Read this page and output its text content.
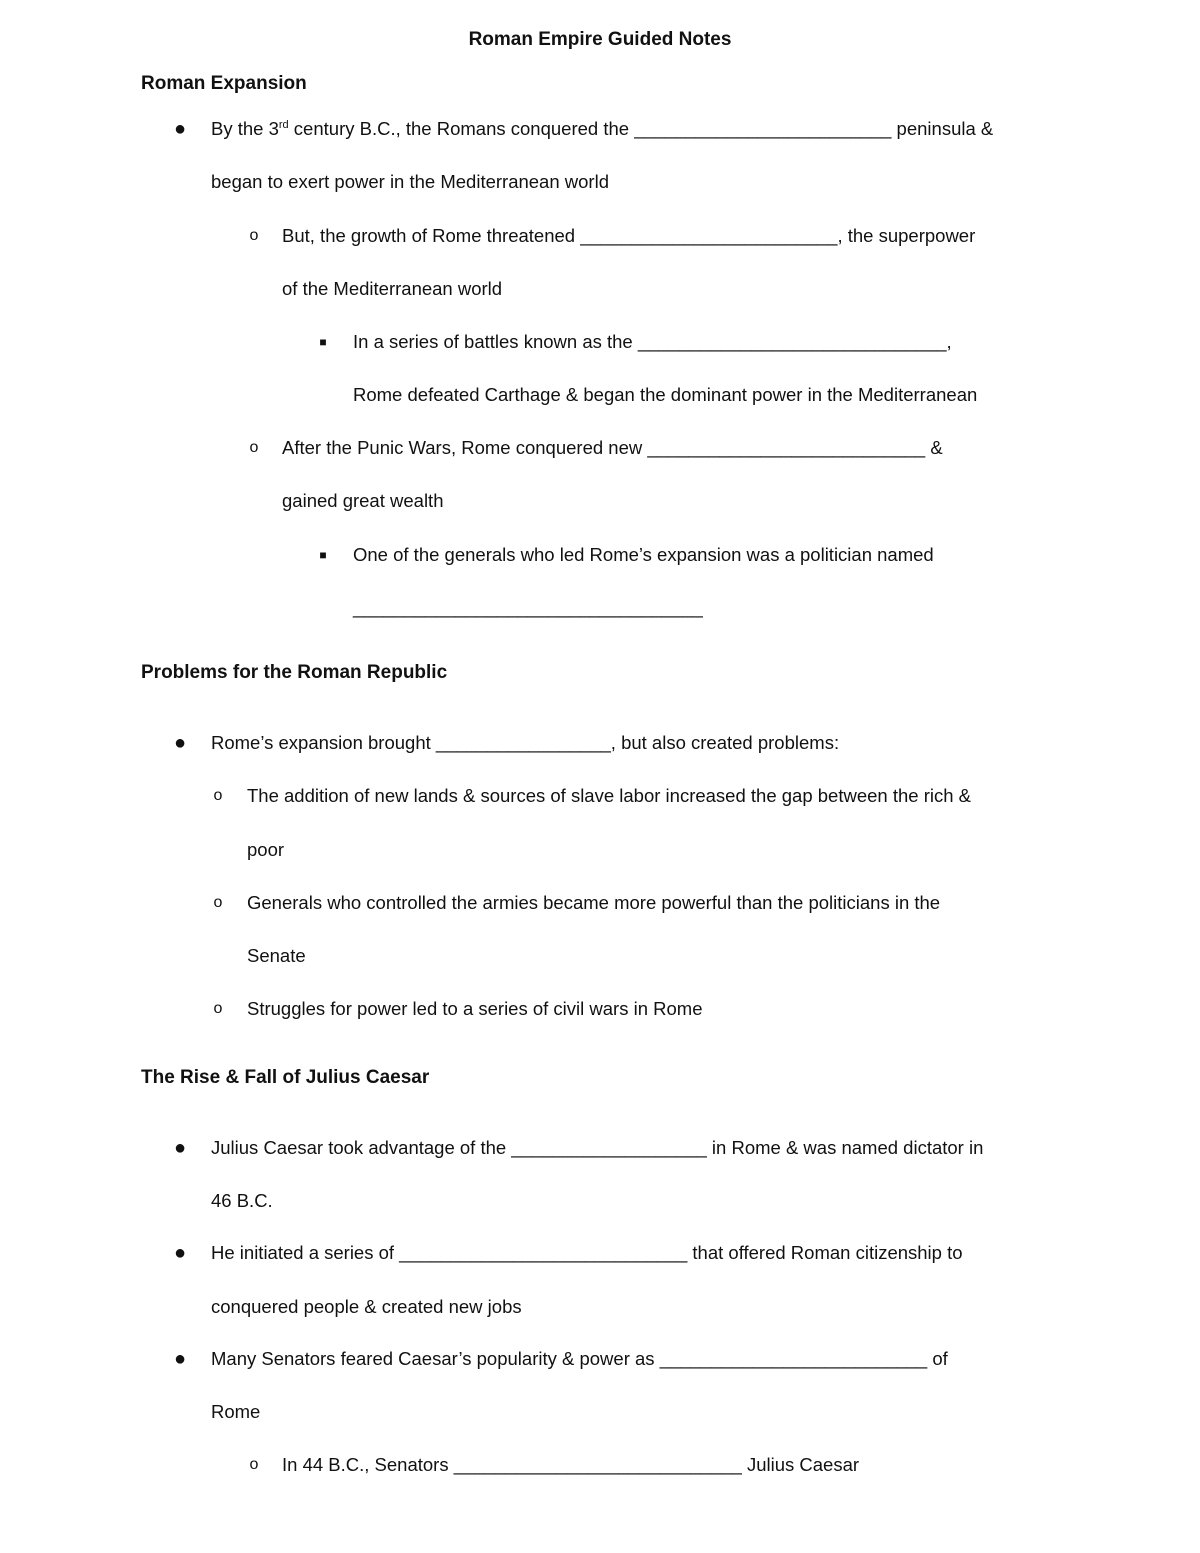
Roman Empire Guided Notes
Roman Expansion
● By the 3rd century B.C., the Romans conquered the _________________________ peninsula &
began to exert power in the Mediterranean world
o But, the growth of Rome threatened _________________________, the superpower
of the Mediterranean world
■ In a series of battles known as the ______________________________,
Rome defeated Carthage & began the dominant power in the Mediterranean
o After the Punic Wars, Rome conquered new ___________________________ &
gained great wealth
■ One of the generals who led Rome’s expansion was a politician named
__________________________________
Problems for the Roman Republic
● Rome’s expansion brought _________________, but also created problems:
o The addition of new lands & sources of slave labor increased the gap between the rich &
poor
o Generals who controlled the armies became more powerful than the politicians in the
Senate
o Struggles for power led to a series of civil wars in Rome
The Rise & Fall of Julius Caesar
● Julius Caesar took advantage of the ___________________ in Rome & was named dictator in
46 B.C.
● He initiated a series of ____________________________ that offered Roman citizenship to
conquered people & created new jobs
● Many Senators feared Caesar’s popularity & power as __________________________ of
Rome
o In 44 B.C., Senators ____________________________ Julius Caesar
